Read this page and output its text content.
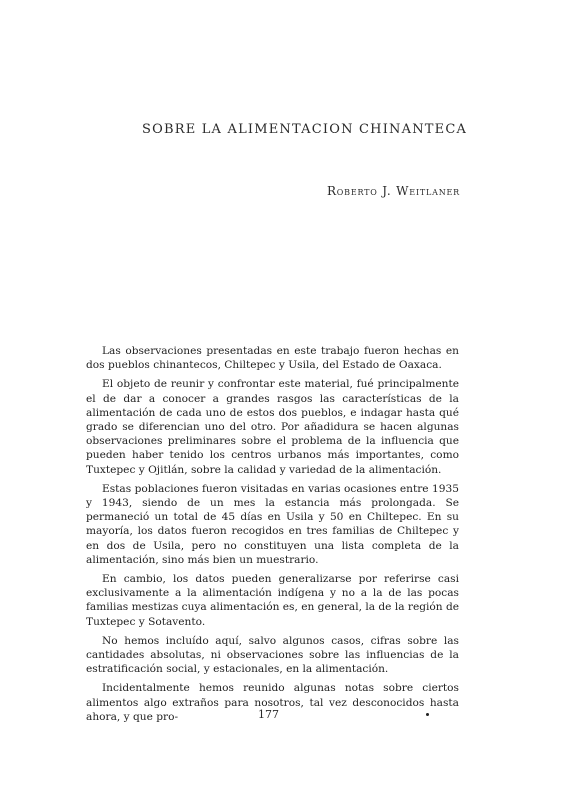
SOBRE LA ALIMENTACION CHINANTECA
Roberto J. Weitlaner

Las observaciones presentadas en este trabajo fueron hechas en dos pueblos chinantecos, Chiltepec y Usila, del Estado de Oaxaca.

El objeto de reunir y confrontar este material, fué principalmente el de dar a conocer a grandes rasgos las características de la alimentación de cada uno de estos dos pueblos, e indagar hasta qué grado se diferencian uno del otro. Por añadidura se hacen algunas observaciones preliminares sobre el problema de la influencia que pueden haber tenido los centros urbanos más importantes, como Tuxtepec y Ojitlán, sobre la calidad y variedad de la alimentación.

Estas poblaciones fueron visitadas en varias ocasiones entre 1935 y 1943, siendo de un mes la estancia más prolongada. Se permaneció un total de 45 días en Usila y 50 en Chiltepec. En su mayoría, los datos fueron recogidos en tres familias de Chiltepec y en dos de Usila, pero no constituyen una lista completa de la alimentación, sino más bien un muestrario.

En cambio, los datos pueden generalizarse por referirse casi exclusivamente a la alimentación indígena y no a la de las pocas familias mestizas cuya alimentación es, en general, la de la región de Tuxtepec y Sotavento.

No hemos incluído aquí, salvo algunos casos, cifras sobre las cantidades absolutas, ni observaciones sobre las influencias de la estratificación social, y estacionales, en la alimentación.

Incidentalmente hemos reunido algunas notas sobre ciertos alimentos algo extraños para nosotros, tal vez desconocidos hasta ahora, y que pro-	177
